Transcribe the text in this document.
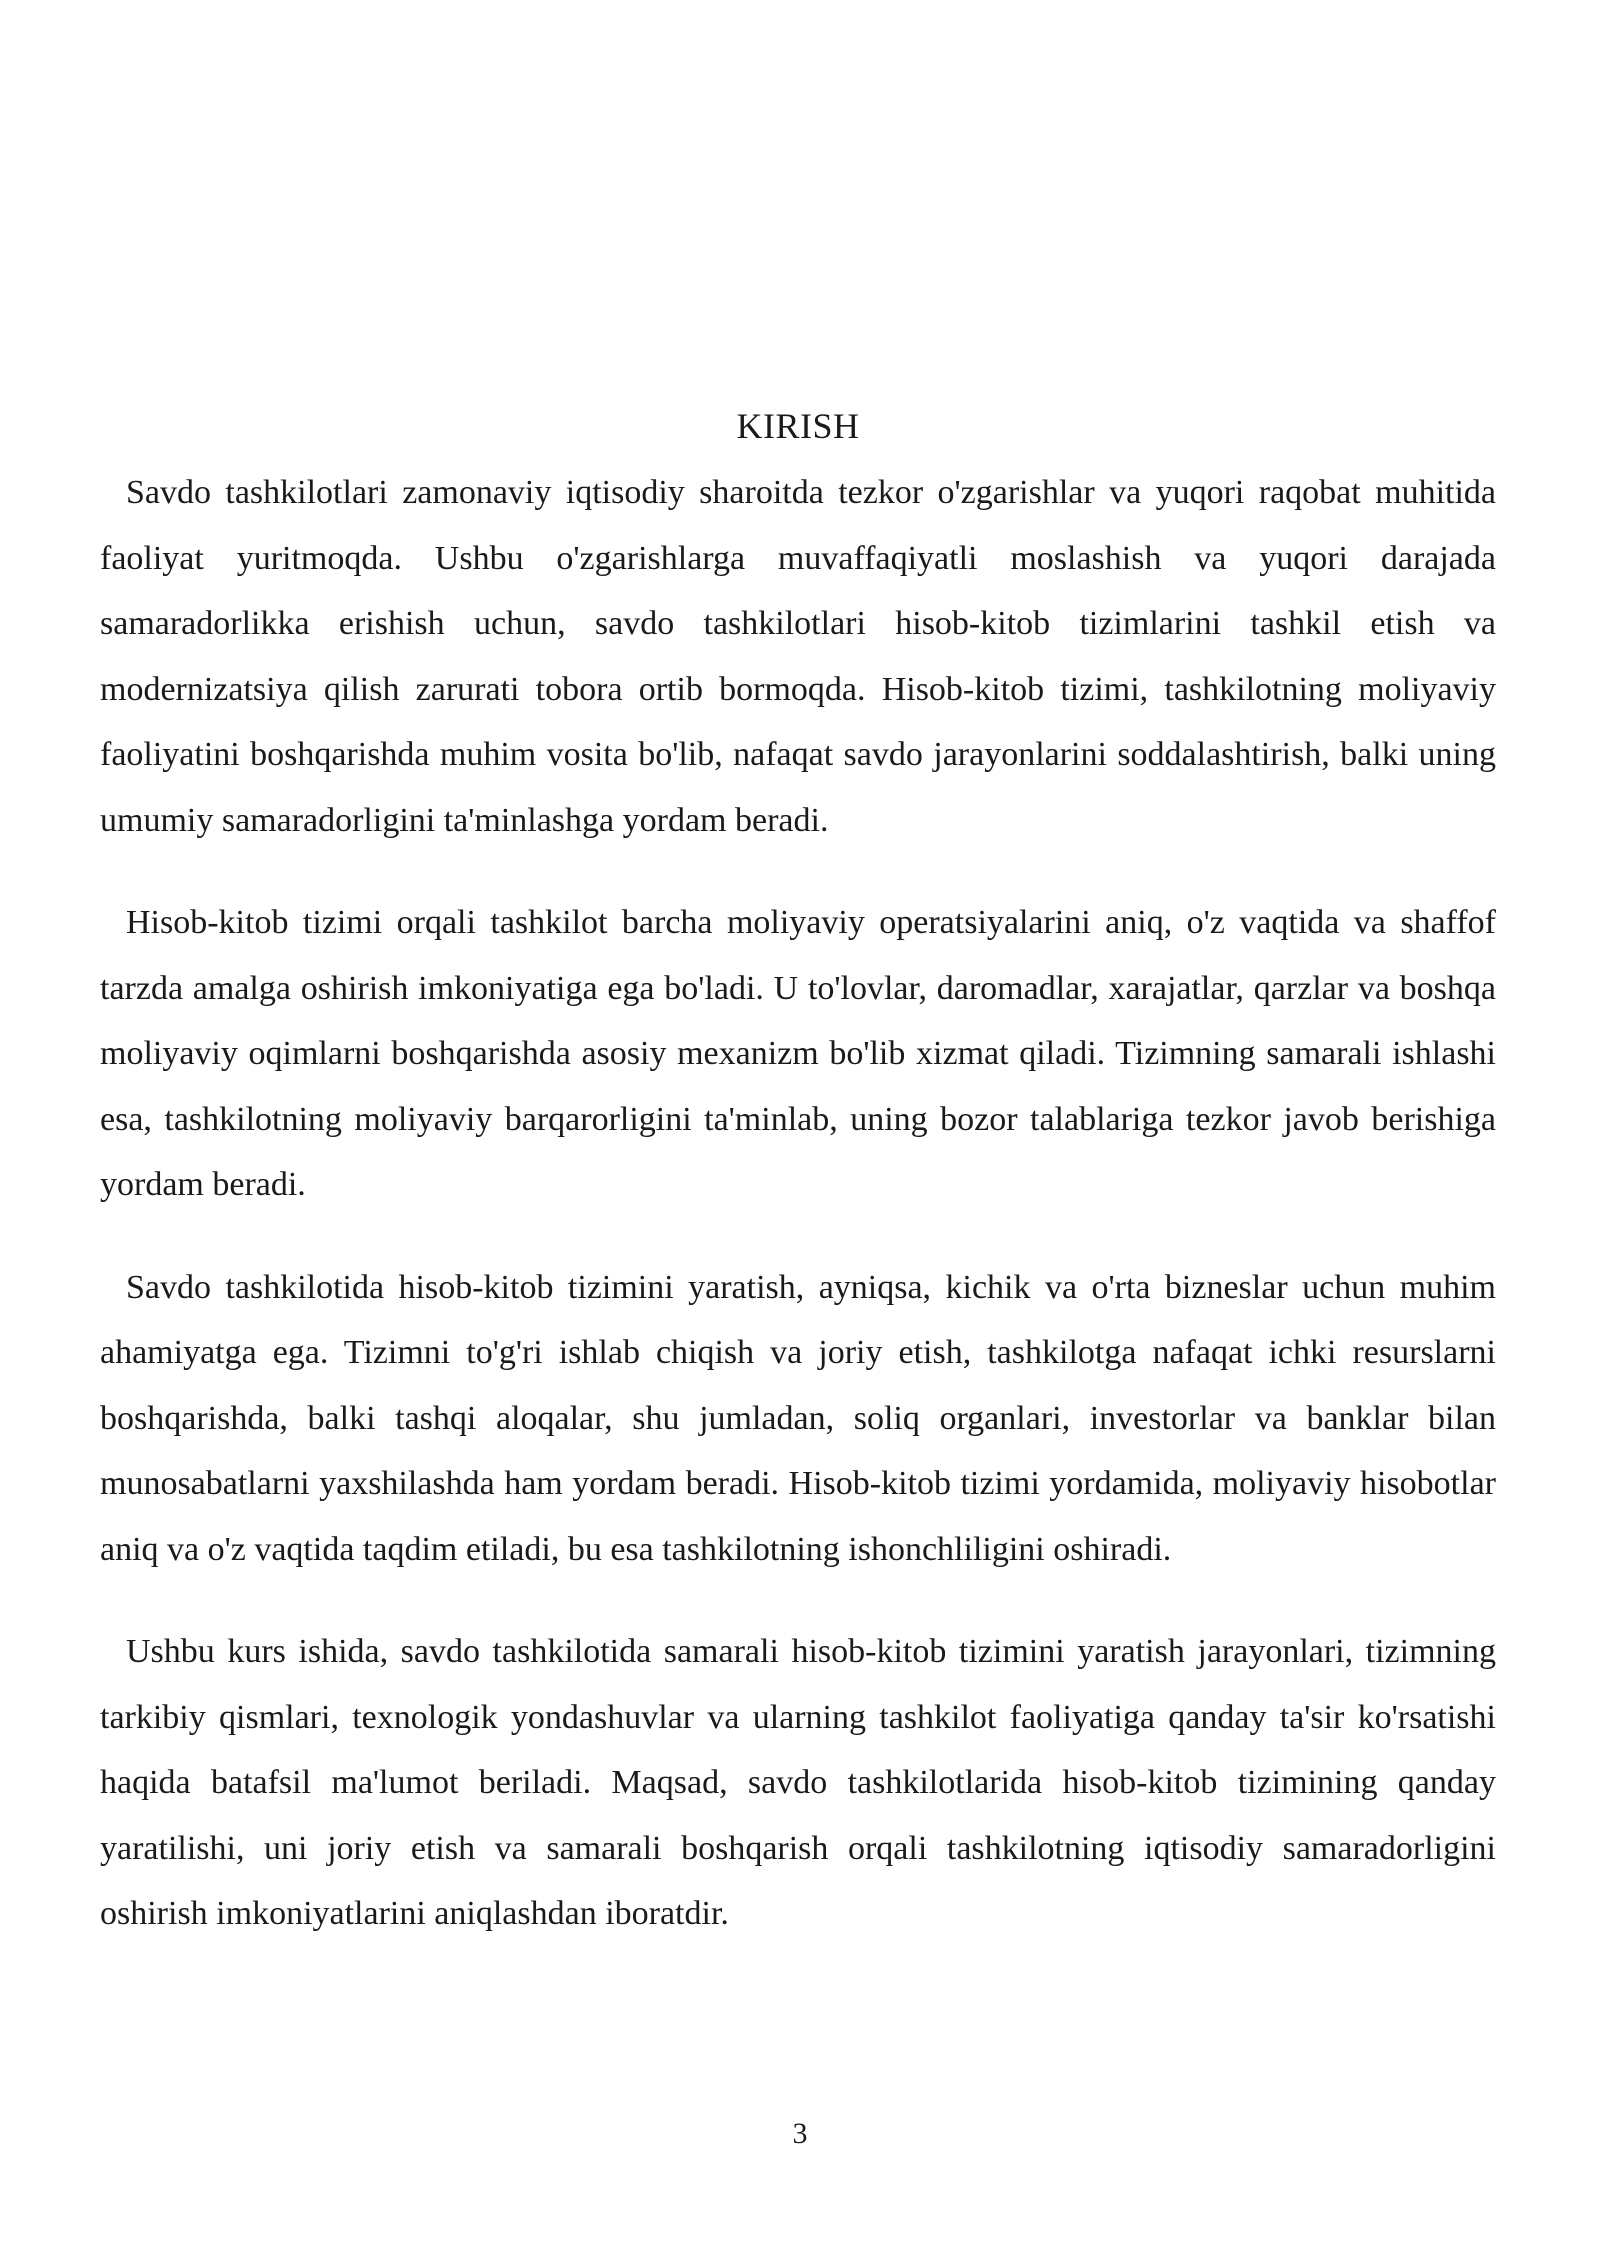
KIRISH

Savdo tashkilotlari zamonaviy iqtisodiy sharoitda tezkor o'zgarishlar va yuqori raqobat muhitida faoliyat yuritmoqda. Ushbu o'zgarishlarga muvaffaqiyatli moslashish va yuqori darajada samaradorlikka erishish uchun, savdo tashkilotlari hisob-kitob tizimlarini tashkil etish va modernizatsiya qilish zarurati tobora ortib bormoqda. Hisob-kitob tizimi, tashkilotning moliyaviy faoliyatini boshqarishda muhim vosita bo'lib, nafaqat savdo jarayonlarini soddalashtirish, balki uning umumiy samaradorligini ta'minlashga yordam beradi.

Hisob-kitob tizimi orqali tashkilot barcha moliyaviy operatsiyalarini aniq, o'z vaqtida va shaffof tarzda amalga oshirish imkoniyatiga ega bo'ladi. U to'lovlar, daromadlar, xarajatlar, qarzlar va boshqa moliyaviy oqimlarni boshqarishda asosiy mexanizm bo'lib xizmat qiladi. Tizimning samarali ishlashi esa, tashkilotning moliyaviy barqarorligini ta'minlab, uning bozor talablariga tezkor javob berishiga yordam beradi.

Savdo tashkilotida hisob-kitob tizimini yaratish, ayniqsa, kichik va o'rta bizneslar uchun muhim ahamiyatga ega. Tizimni to'g'ri ishlab chiqish va joriy etish, tashkilotga nafaqat ichki resurslarni boshqarishda, balki tashqi aloqalar, shu jumladan, soliq organlari, investorlar va banklar bilan munosabatlarni yaxshilashda ham yordam beradi. Hisob-kitob tizimi yordamida, moliyaviy hisobotlar aniq va o'z vaqtida taqdim etiladi, bu esa tashkilotning ishonchliligini oshiradi.

Ushbu kurs ishida, savdo tashkilotida samarali hisob-kitob tizimini yaratish jarayonlari, tizimning tarkibiy qismlari, texnologik yondashuvlar va ularning tashkilot faoliyatiga qanday ta'sir ko'rsatishi haqida batafsil ma'lumot beriladi. Maqsad, savdo tashkilotlarida hisob-kitob tizimining qanday yaratilishi, uni joriy etish va samarali boshqarish orqali tashkilotning iqtisodiy samaradorligini oshirish imkoniyatlarini aniqlashdan iboratdir.

3
